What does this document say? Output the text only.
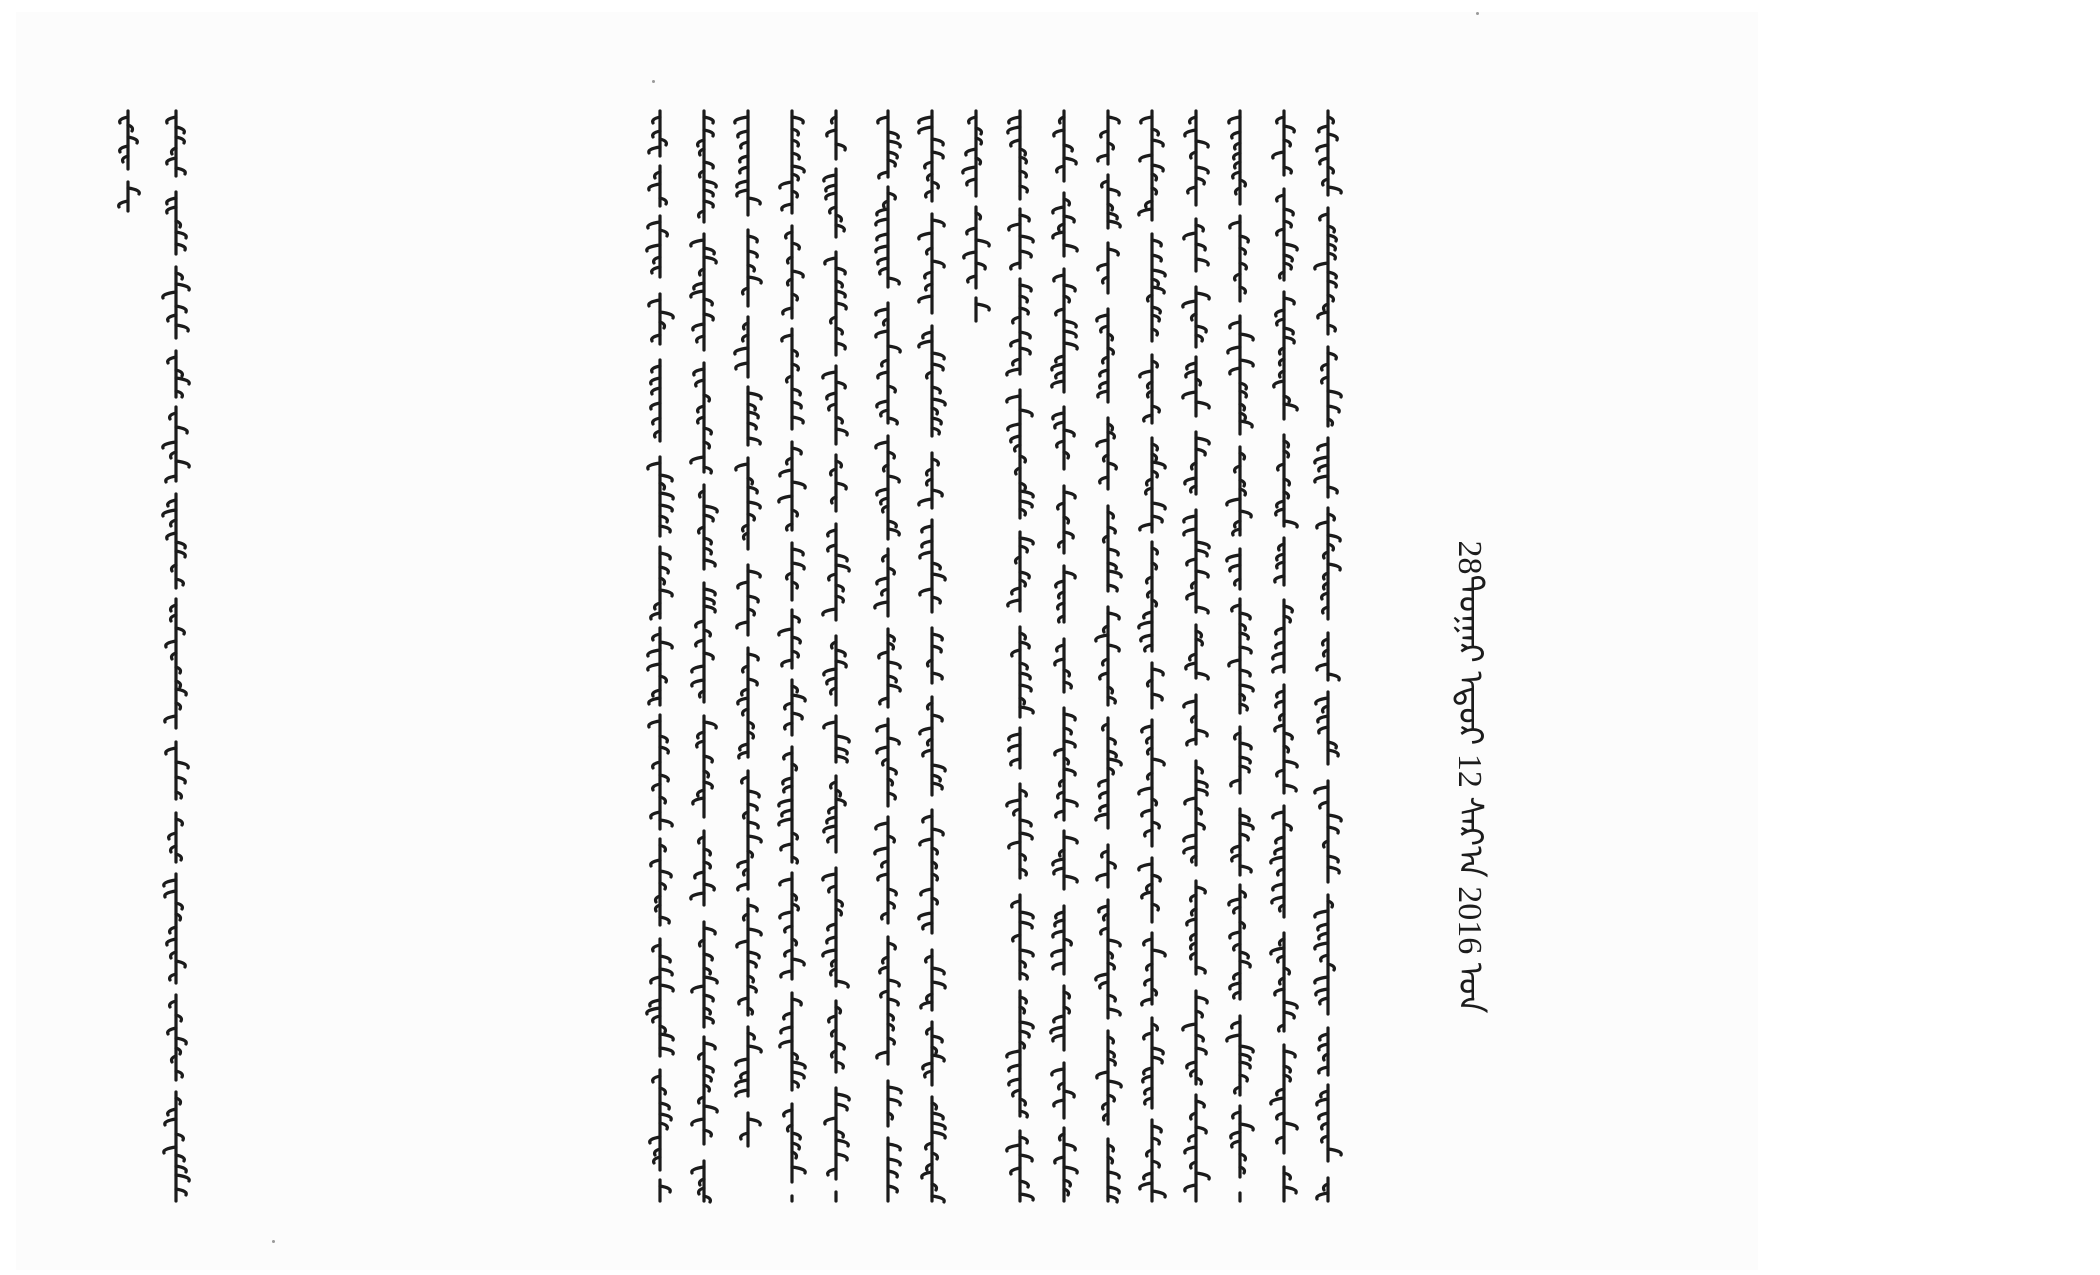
28ᠳᠤᠭᠠᠷ ᠡᠳᠦᠷ 12 ᠰᠠᠷ᠎ᠠ 2016 ᠣᠨ
